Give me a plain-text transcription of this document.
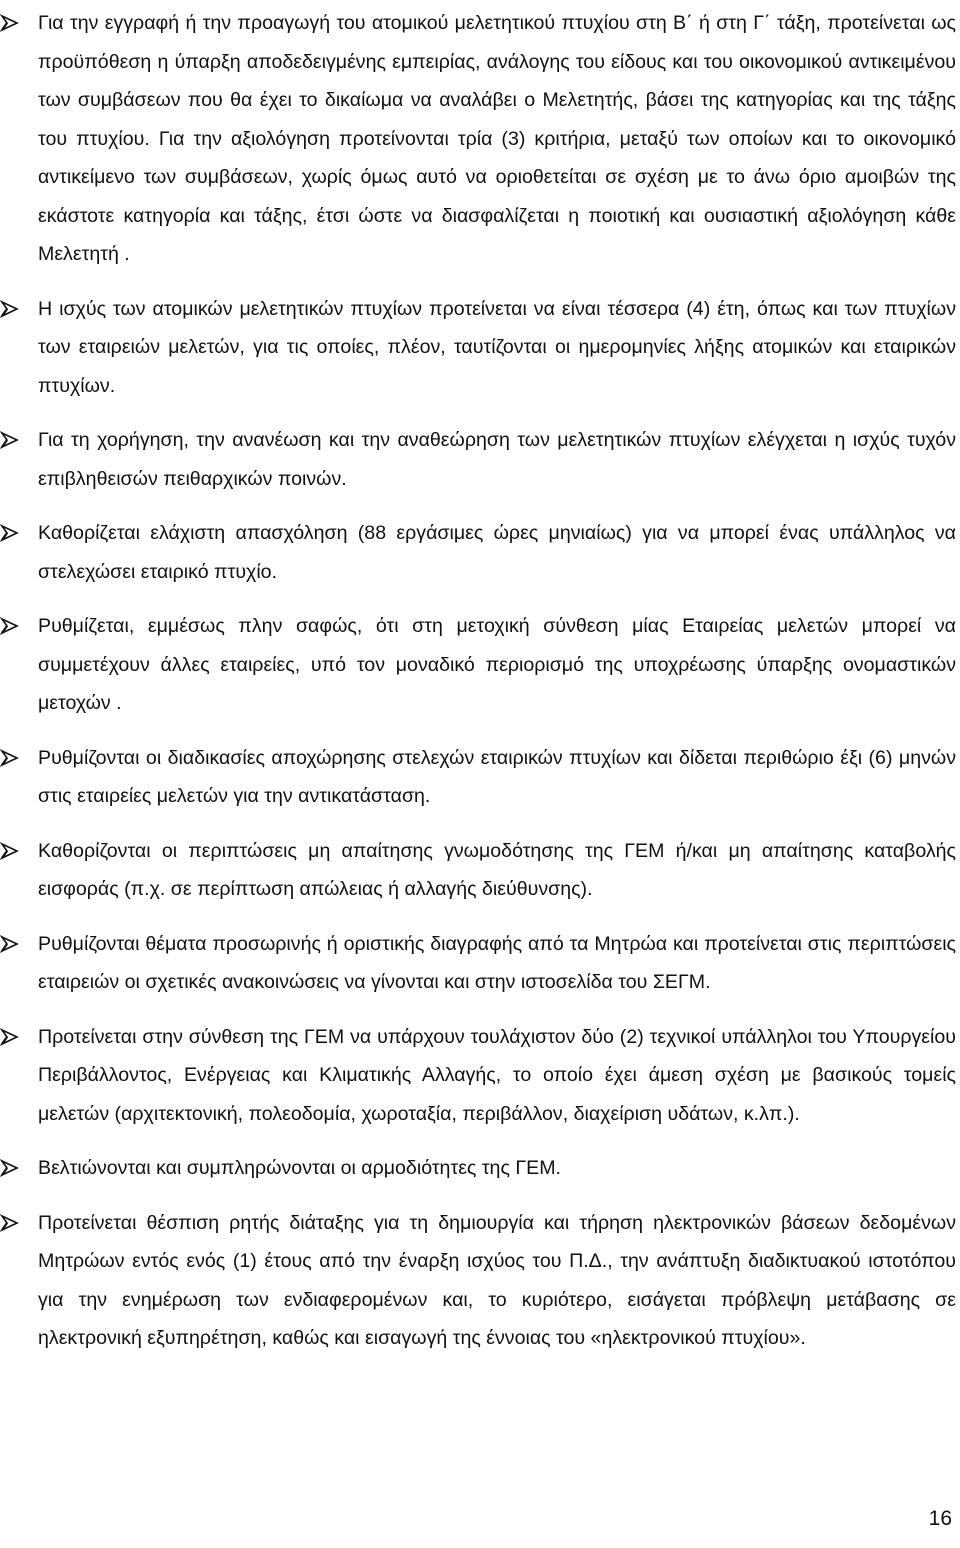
Για την εγγραφή ή την προαγωγή του ατομικού μελετητικού πτυχίου στη Β΄ ή στη Γ΄ τάξη, προτείνεται ως προϋπόθεση η ύπαρξη αποδεδειγμένης εμπειρίας, ανάλογης του είδους και του οικονομικού αντικειμένου των συμβάσεων που θα έχει το δικαίωμα να αναλάβει ο Μελετητής, βάσει της κατηγορίας και της τάξης του πτυχίου. Για την αξιολόγηση προτείνονται τρία (3) κριτήρια, μεταξύ των οποίων και το οικονομικό αντικείμενο των συμβάσεων, χωρίς όμως αυτό να οριοθετείται σε σχέση με το άνω όριο αμοιβών της εκάστοτε κατηγορία και τάξης, έτσι ώστε να διασφαλίζεται η ποιοτική και ουσιαστική αξιολόγηση κάθε Μελετητή .

Η ισχύς των ατομικών μελετητικών πτυχίων προτείνεται να είναι τέσσερα (4) έτη, όπως και των πτυχίων των εταιρειών μελετών, για τις οποίες, πλέον, ταυτίζονται οι ημερομηνίες λήξης ατομικών και εταιρικών πτυχίων.

Για τη χορήγηση, την ανανέωση και την αναθεώρηση των μελετητικών πτυχίων ελέγχεται η ισχύς τυχόν επιβληθεισών πειθαρχικών ποινών.

Καθορίζεται ελάχιστη απασχόληση (88 εργάσιμες ώρες μηνιαίως) για να μπορεί ένας υπάλληλος να στελεχώσει εταιρικό πτυχίο.

Ρυθμίζεται, εμμέσως πλην σαφώς, ότι στη μετοχική σύνθεση μίας Εταιρείας μελετών μπορεί να συμμετέχουν άλλες εταιρείες, υπό τον μοναδικό περιορισμό της υποχρέωσης ύπαρξης ονομαστικών μετοχών .

Ρυθμίζονται οι διαδικασίες αποχώρησης στελεχών εταιρικών πτυχίων και δίδεται περιθώριο έξι (6) μηνών στις εταιρείες μελετών για την αντικατάσταση.

Καθορίζονται οι περιπτώσεις μη απαίτησης γνωμοδότησης της ΓΕΜ ή/και μη απαίτησης καταβολής εισφοράς (π.χ. σε περίπτωση απώλειας ή αλλαγής διεύθυνσης).

Ρυθμίζονται θέματα προσωρινής ή οριστικής διαγραφής από τα Μητρώα και προτείνεται στις περιπτώσεις εταιρειών οι σχετικές ανακοινώσεις να γίνονται και στην ιστοσελίδα του ΣΕΓΜ.

Προτείνεται στην σύνθεση της ΓΕΜ να υπάρχουν τουλάχιστον δύο (2) τεχνικοί υπάλληλοι του Υπουργείου Περιβάλλοντος, Ενέργειας και Κλιματικής Αλλαγής, το οποίο έχει άμεση σχέση με βασικούς τομείς μελετών (αρχιτεκτονική, πολεοδομία, χωροταξία, περιβάλλον, διαχείριση υδάτων, κ.λπ.).

Βελτιώνονται και συμπληρώνονται οι αρμοδιότητες της ΓΕΜ.

Προτείνεται θέσπιση ρητής διάταξης για τη δημιουργία και τήρηση ηλεκτρονικών βάσεων δεδομένων Μητρώων εντός ενός (1) έτους από την έναρξη ισχύος του Π.Δ., την ανάπτυξη διαδικτυακού ιστοτόπου για την ενημέρωση των ενδιαφερομένων και, το κυριότερο, εισάγεται πρόβλεψη μετάβασης σε ηλεκτρονική εξυπηρέτηση, καθώς και εισαγωγή της έννοιας του «ηλεκτρονικού πτυχίου».

16
